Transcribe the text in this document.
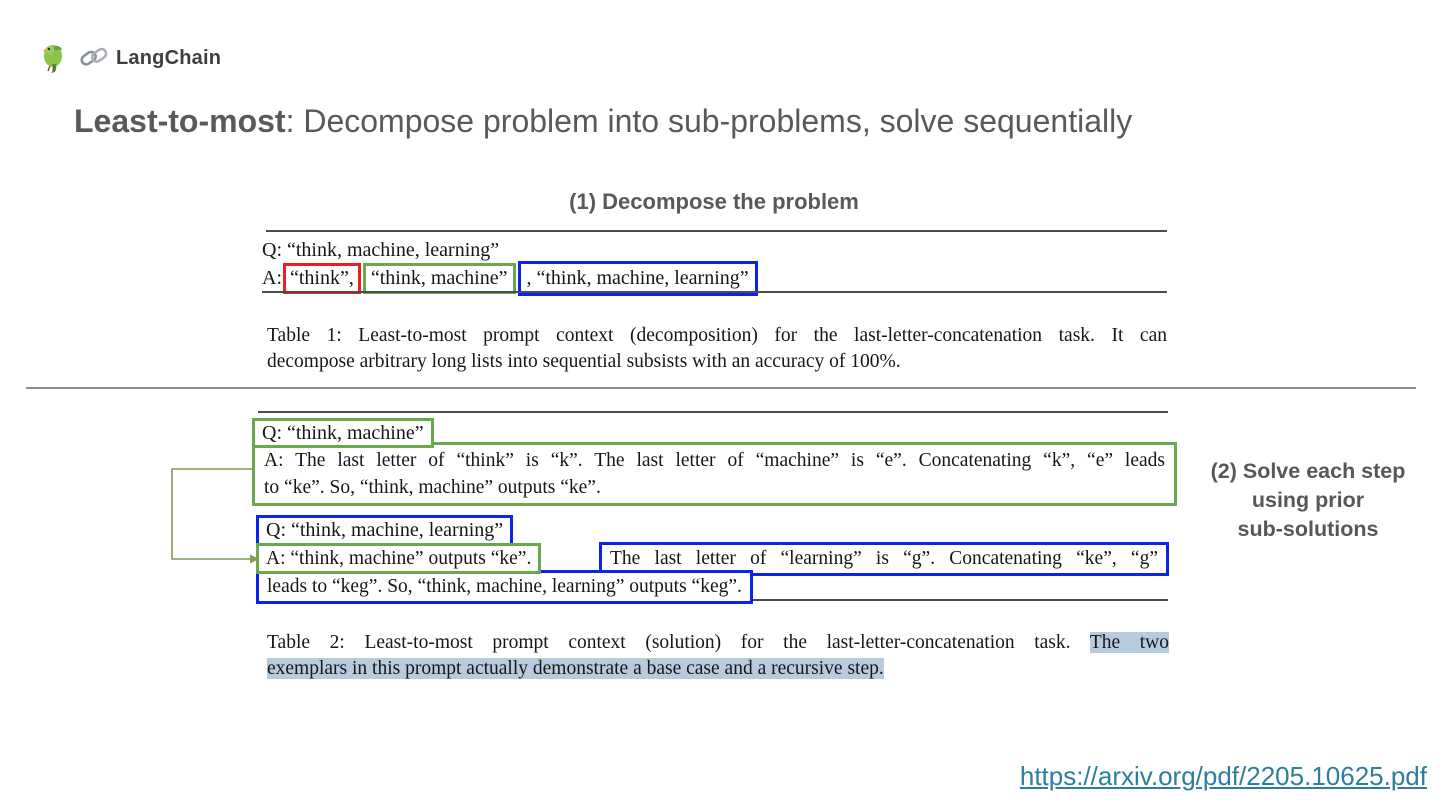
LangChain
Least-to-most: Decompose problem into sub-problems, solve sequentially
(1) Decompose the problem
Q: “think, machine, learning”
A: “think”, “think, machine” , “think, machine, learning”
Table 1: Least-to-most prompt context (decomposition) for the last-letter-concatenation task. It can
decompose arbitrary long lists into sequential subsists with an accuracy of 100%.
Q: “think, machine”
A: The last letter of “think” is “k”. The last letter of “machine” is “e”. Concatenating “k”, “e” leads
to “ke”. So, “think, machine” outputs “ke”.
Q: “think, machine, learning”
A: “think, machine” outputs “ke”.	The last letter of “learning” is “g”. Concatenating “ke”, “g”
leads to “keg”. So, “think, machine, learning” outputs “keg”.
Table 2: Least-to-most prompt context (solution) for the last-letter-concatenation task. The two
exemplars in this prompt actually demonstrate a base case and a recursive step.
(2) Solve each step
using prior
sub-solutions
https://arxiv.org/pdf/2205.10625.pdf
